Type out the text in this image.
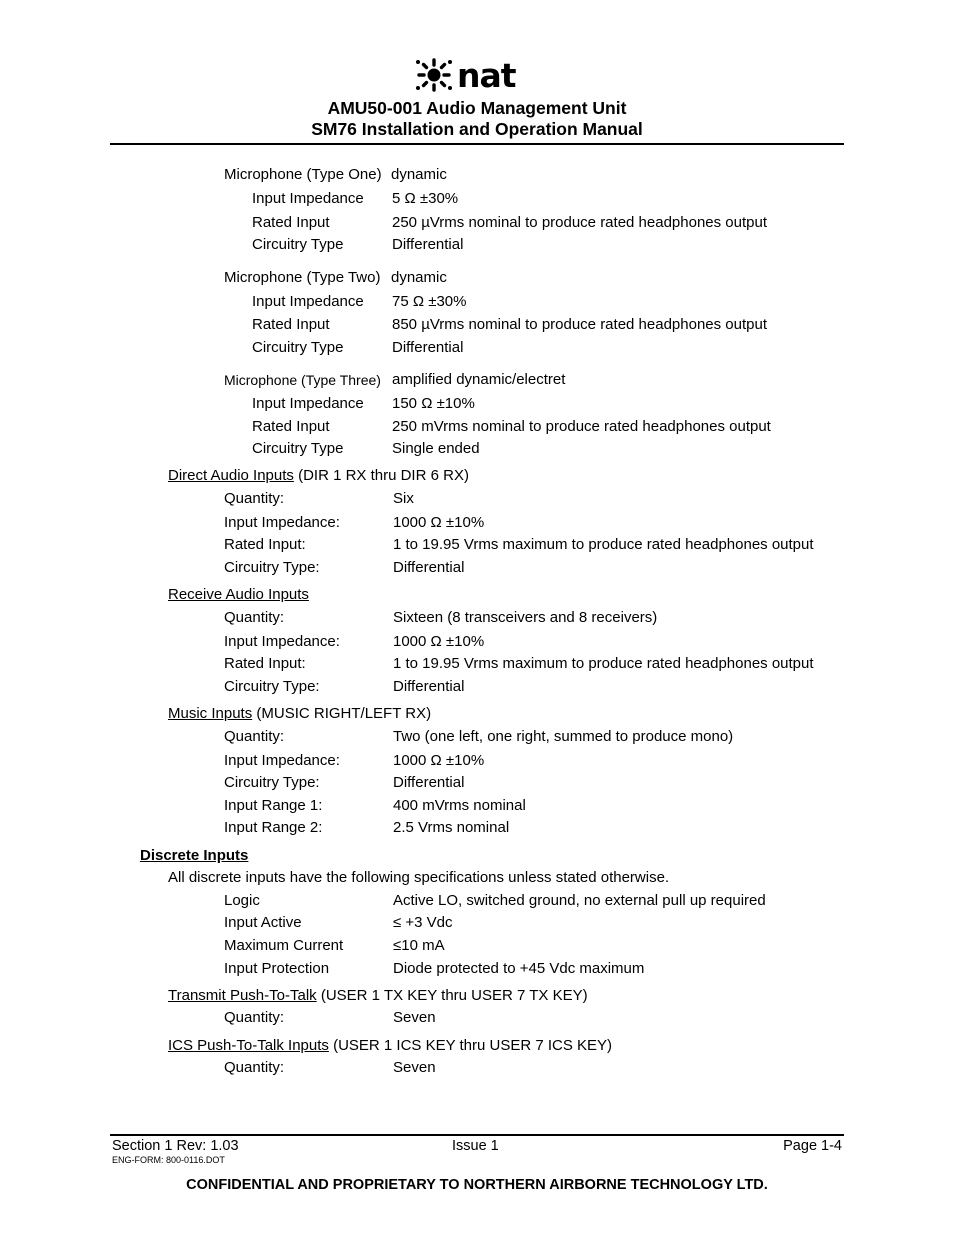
nat
AMU50-001 Audio Management Unit
SM76 Installation and Operation Manual
Microphone (Type One) dynamic
Input Impedance 5 Ω ±30%
Rated Input	250 µVrms nominal to produce rated headphones output
Circuitry Type	Differential
Microphone (Type Two) dynamic
Input Impedance 75 Ω ±30%
Rated Input	850 µVrms nominal to produce rated headphones output
Circuitry Type	Differential
Microphone (Type Three) amplified dynamic/electret
Input Impedance 150 Ω ±10%
Rated Input	250 mVrms nominal to produce rated headphones output
Circuitry Type	Single ended
Direct Audio Inputs (DIR 1 RX thru DIR 6 RX)
Quantity:	Six
Input Impedance:	1000 Ω ±10%
Rated Input:	1 to 19.95 Vrms maximum to produce rated headphones output
Circuitry Type:	Differential
Receive Audio Inputs
Quantity:	Sixteen (8 transceivers and 8 receivers)
Input Impedance:	1000 Ω ±10%
Rated Input:	1 to 19.95 Vrms maximum to produce rated headphones output
Circuitry Type:	Differential
Music Inputs (MUSIC RIGHT/LEFT RX)
Quantity:	Two (one left, one right, summed to produce mono)
Input Impedance:	1000 Ω ±10%
Circuitry Type:	Differential
Input Range 1:	400 mVrms nominal
Input Range 2:	2.5 Vrms nominal
Discrete Inputs
All discrete inputs have the following specifications unless stated otherwise.
Logic	Active LO, switched ground, no external pull up required
Input Active	≤ +3 Vdc
Maximum Current	≤10 mA
Input Protection	Diode protected to +45 Vdc maximum
Transmit Push-To-Talk (USER 1 TX KEY thru USER 7 TX KEY)
Quantity:	Seven
ICS Push-To-Talk Inputs (USER 1 ICS KEY thru USER 7 ICS KEY)
Quantity:	Seven
Section 1 Rev: 1.03	Issue 1	Page 1-4
ENG-FORM: 800-0116.DOT
CONFIDENTIAL AND PROPRIETARY TO NORTHERN AIRBORNE TECHNOLOGY LTD.
